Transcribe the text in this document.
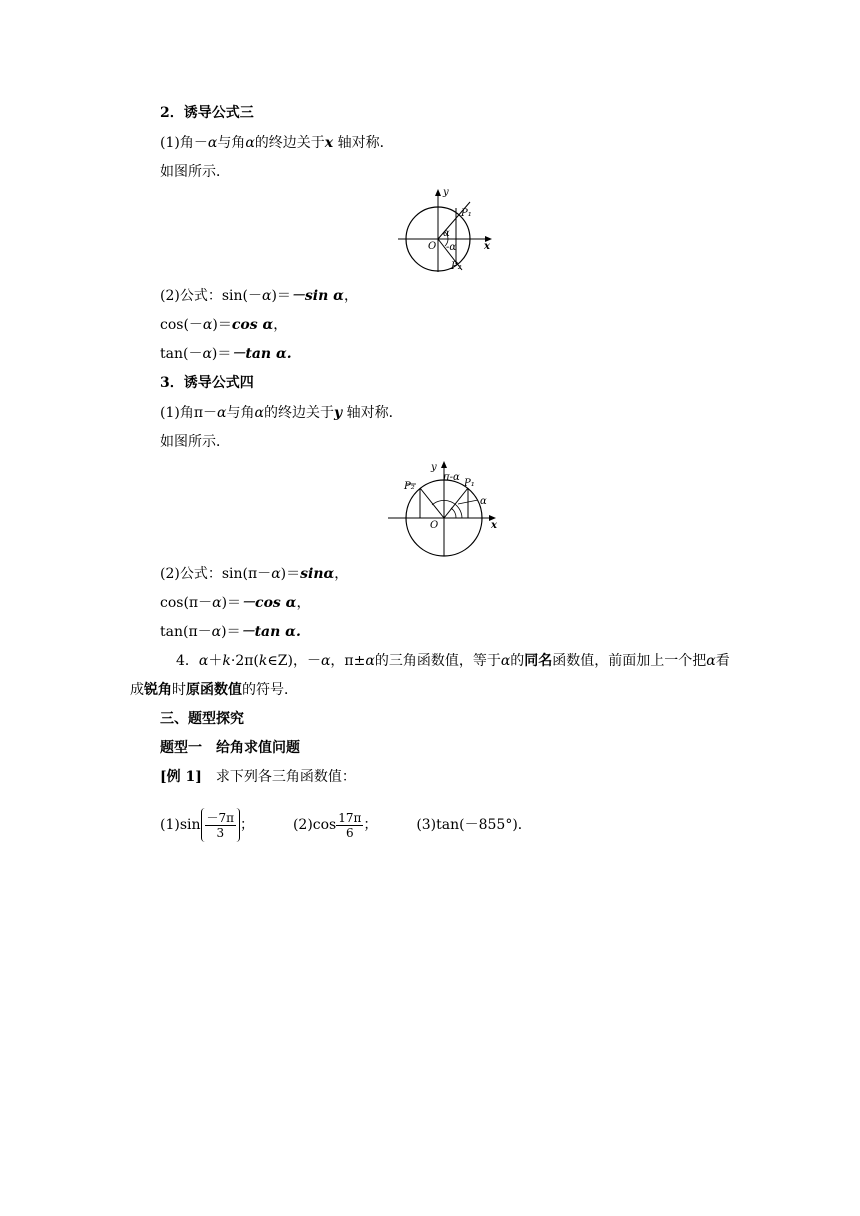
2．诱导公式三
(1)角－α与角α的终边关于x 轴对称．
如图所示．
y
x
O
P₁
P₂
α
-α
(2)公式：sin(－α)＝－sin α，
cos(－α)＝cos α，
tan(－α)＝－tan α.
3．诱导公式四
(1)角π－α与角α的终边关于y 轴对称．
如图所示．
y
x
O
P₁
P₂
α
π-α
(2)公式：sin(π－α)＝sinα，
cos(π－α)＝－cos α，
tan(π－α)＝－tan α.
4．α＋k·2π(k∈Z)，－α，π±α的三角函数值，等于α的同名函数值，前面加上一个把α看
成锐角时原函数值的符号．
三、题型探究
题型一　给角求值问题
[例 1]　求下列各三角函数值：
$(1)\sin \frac{-7\pi}{3}$ ；	$(2)\cos \frac{17\pi}{6}$ ；	(3)tan(－855°)．
